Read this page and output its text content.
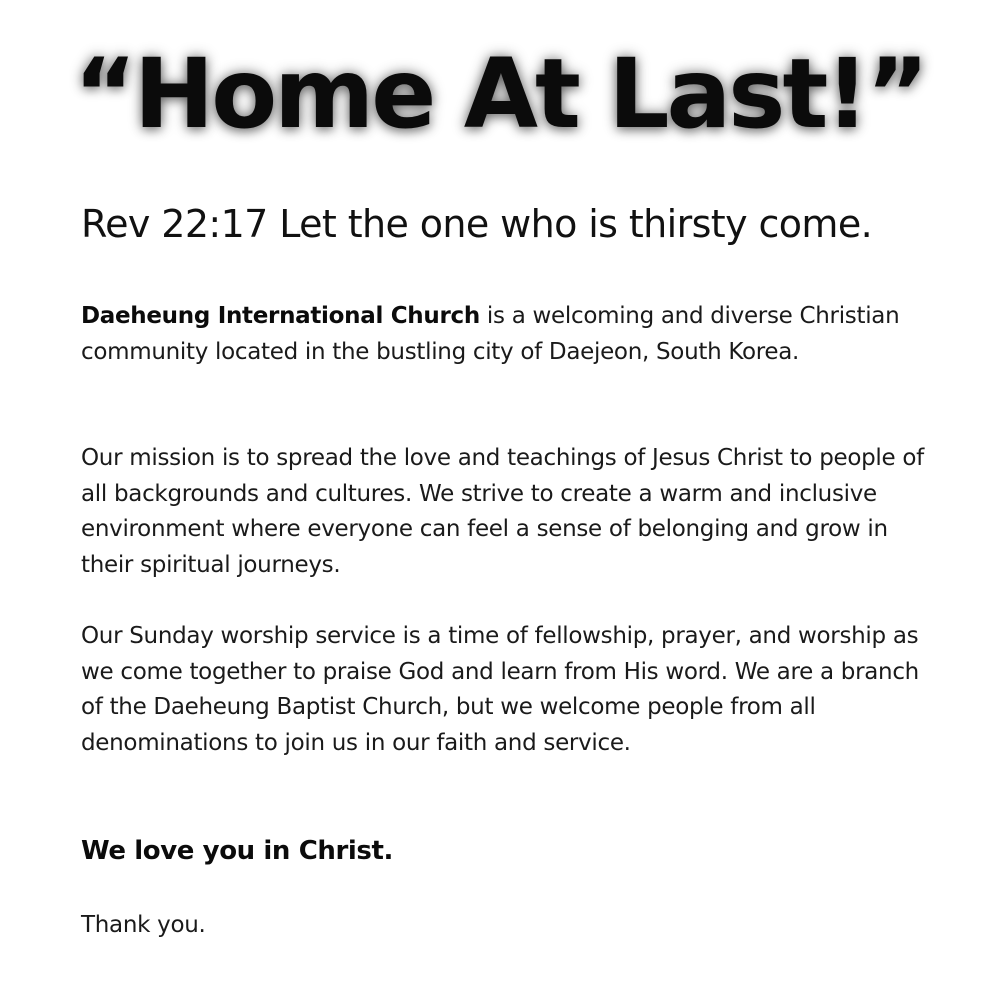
“Home At Last!”
Rev 22:17 Let the one who is thirsty come.

Daeheung International Church is a welcoming and diverse Christian community located in the bustling city of Daejeon, South Korea.

Our mission is to spread the love and teachings of Jesus Christ to people of all backgrounds and cultures. We strive to create a warm and inclusive environment where everyone can feel a sense of belonging and grow in their spiritual journeys.

Our Sunday worship service is a time of fellowship, prayer, and worship as we come together to praise God and learn from His word. We are a branch of the Daeheung Baptist Church, but we welcome people from all denominations to join us in our faith and service.

We love you in Christ.

Thank you.
